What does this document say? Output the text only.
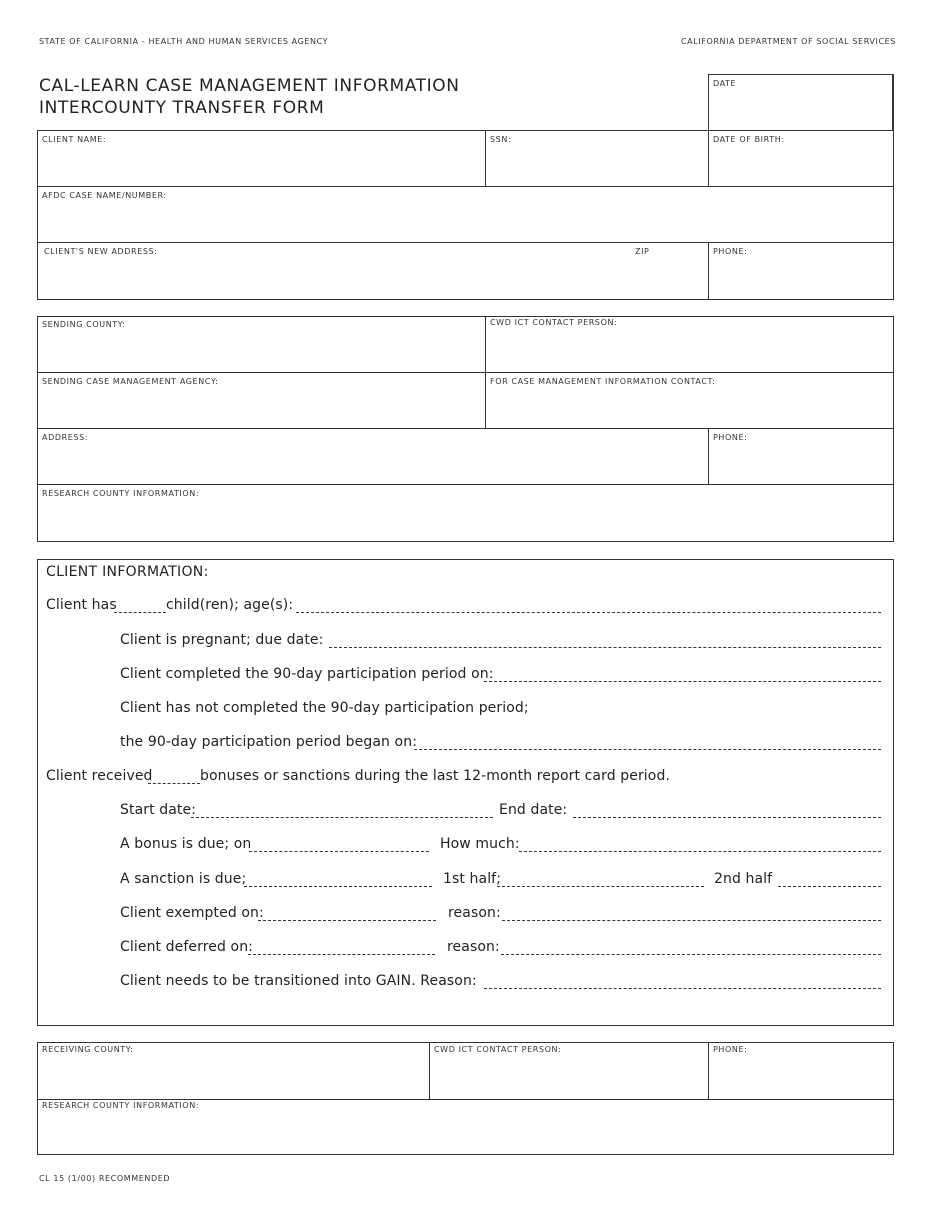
STATE OF CALIFORNIA - HEALTH AND HUMAN SERVICES AGENCY	CALIFORNIA DEPARTMENT OF SOCIAL SERVICES
CAL-LEARN CASE MANAGEMENT INFORMATION
INTERCOUNTY TRANSFER FORM
DATE
CLIENT NAME:	SSN:	DATE OF BIRTH:
AFDC CASE NAME/NUMBER:
CLIENT'S NEW ADDRESS:	ZIP	PHONE:
SENDING COUNTY:	CWD ICT CONTACT PERSON:
SENDING CASE MANAGEMENT AGENCY:	FOR CASE MANAGEMENT INFORMATION CONTACT:
ADDRESS:	PHONE:
RESEARCH COUNTY INFORMATION:
CLIENT INFORMATION:
Client has	child(ren); age(s):
Client is pregnant; due date:
Client completed the 90-day participation period on:
Client has not completed the 90-day participation period;
the 90-day participation period began on:
Client received	bonuses or sanctions during the last 12-month report card period.
Start date:	End date:
A bonus is due; on	How much:
A sanction is due;	1st half;	2nd half
Client exempted on:	reason:
Client deferred on:	reason:
Client needs to be transitioned into GAIN. Reason:
RECEIVING COUNTY:	CWD ICT CONTACT PERSON:	PHONE:
RESEARCH COUNTY INFORMATION:
CL 15 (1/00) RECOMMENDED
